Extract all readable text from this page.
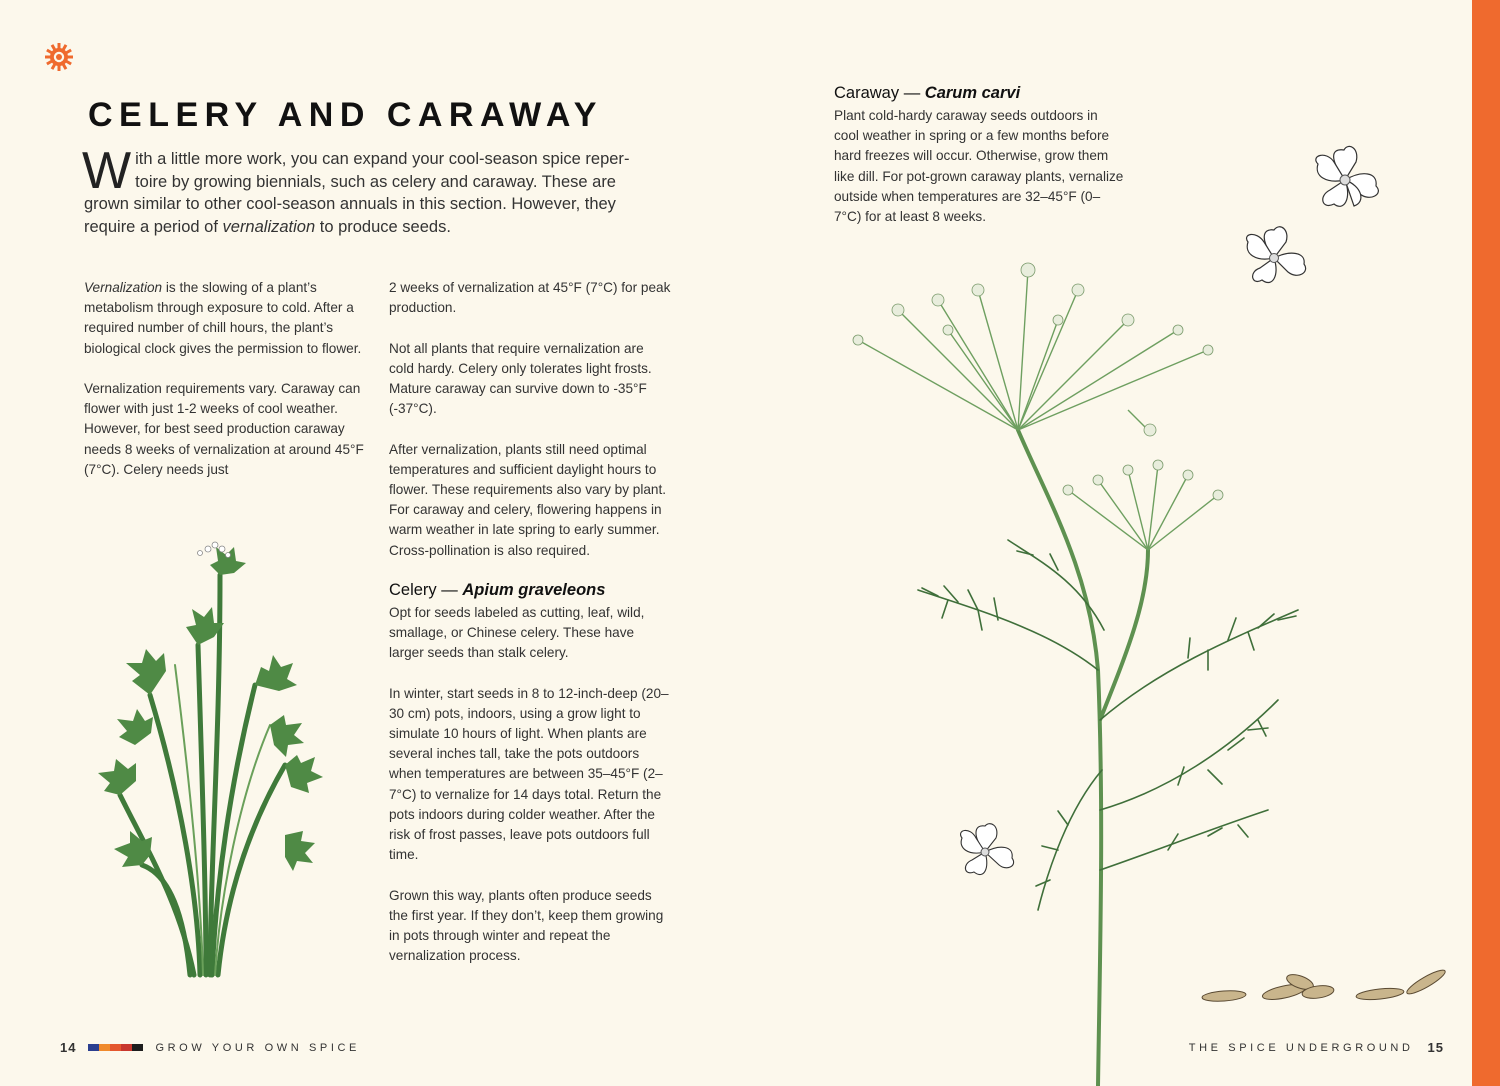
CELERY AND CARAWAY
With a little more work, you can expand your cool-season spice repertoire by growing biennials, such as celery and caraway. These are grown similar to other cool-season annuals in this section. However, they require a period of vernalization to produce seeds.

Vernalization is the slowing of a plant’s metabolism through exposure to cold. After a required number of chill hours, the plant’s biological clock gives the permission to flower.

Vernalization requirements vary. Caraway can flower with just 1-2 weeks of cool weather. However, for best seed production caraway needs 8 weeks of vernalization at around 45°F (7°C). Celery needs just

2 weeks of vernalization at 45°F (7°C) for peak production.

Not all plants that require vernalization are cold hardy. Celery only tolerates light frosts. Mature caraway can survive down to -35°F (-37°C).

After vernalization, plants still need optimal temperatures and sufficient daylight hours to flower. These requirements also vary by plant. For caraway and celery, flowering happens in warm weather in late spring to early summer. Cross-pollination is also required.

Celery — Apium graveleons

Opt for seeds labeled as cutting, leaf, wild, smallage, or Chinese celery. These have larger seeds than stalk celery.

In winter, start seeds in 8 to 12-inch-deep (20–30 cm) pots, indoors, using a grow light to simulate 10 hours of light. When plants are several inches tall, take the pots outdoors when temperatures are between 35–45°F (2–7°C) to vernalize for 14 days total. Return the pots indoors during colder weather. After the risk of frost passes, leave pots outdoors full time.

Grown this way, plants often produce seeds the first year. If they don’t, keep them growing in pots through winter and repeat the vernalization process.

Caraway — Carum carvi

Plant cold-hardy caraway seeds outdoors in cool weather in spring or a few months before hard freezes will occur. Otherwise, grow them like dill. For pot-grown caraway plants, vernalize outside when temperatures are 32–45°F (0–7°C) for at least 8 weeks.

14	GROW YOUR OWN SPICE	THE SPICE UNDERGROUND 15
